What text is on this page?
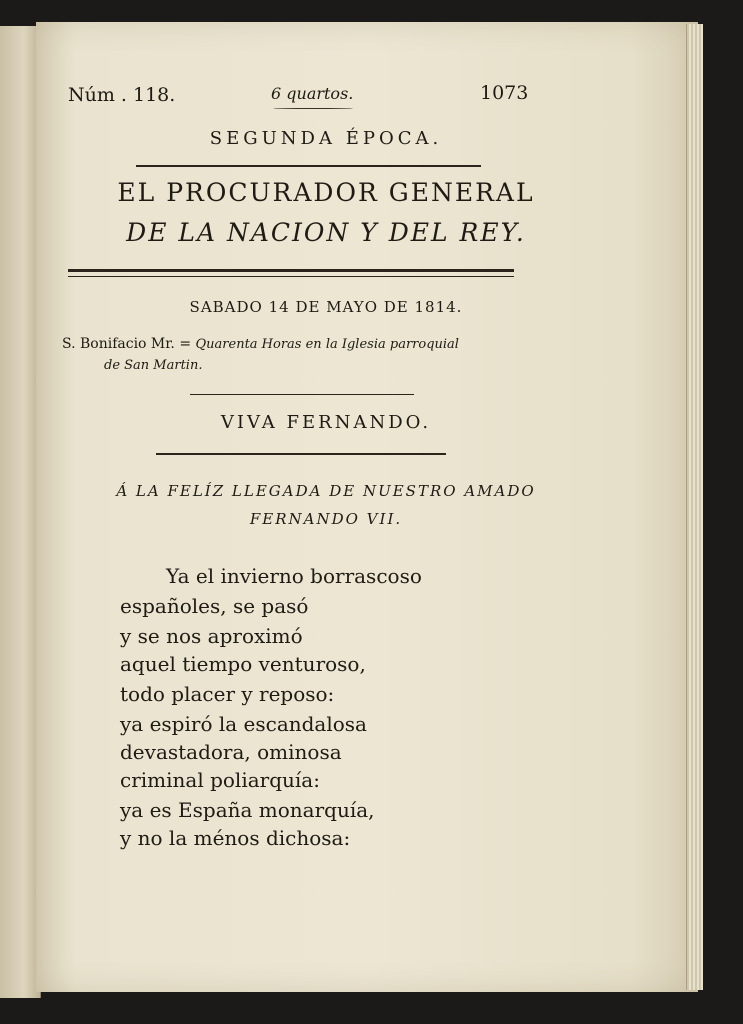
Núm . 118.	6 quartos.	1073
SEGUNDA ÉPOCA.
EL PROCURADOR GENERAL
DE LA NACION Y DEL REY.
SABADO 14 DE MAYO DE 1814.
S. Bonifacio Mr. = Quarenta Horas en la Iglesia parroquial
de San Martin.
VIVA FERNANDO.
Á LA FELÍZ LLEGADA DE NUESTRO AMADO
FERNANDO VII.
Ya el invierno borrascoso
españoles, se pasó
y se nos aproximó
aquel tiempo venturoso,
todo placer y reposo:
ya espiró la escandalosa
devastadora, ominosa
criminal poliarquía:
ya es España monarquía,
y no la ménos dichosa:
